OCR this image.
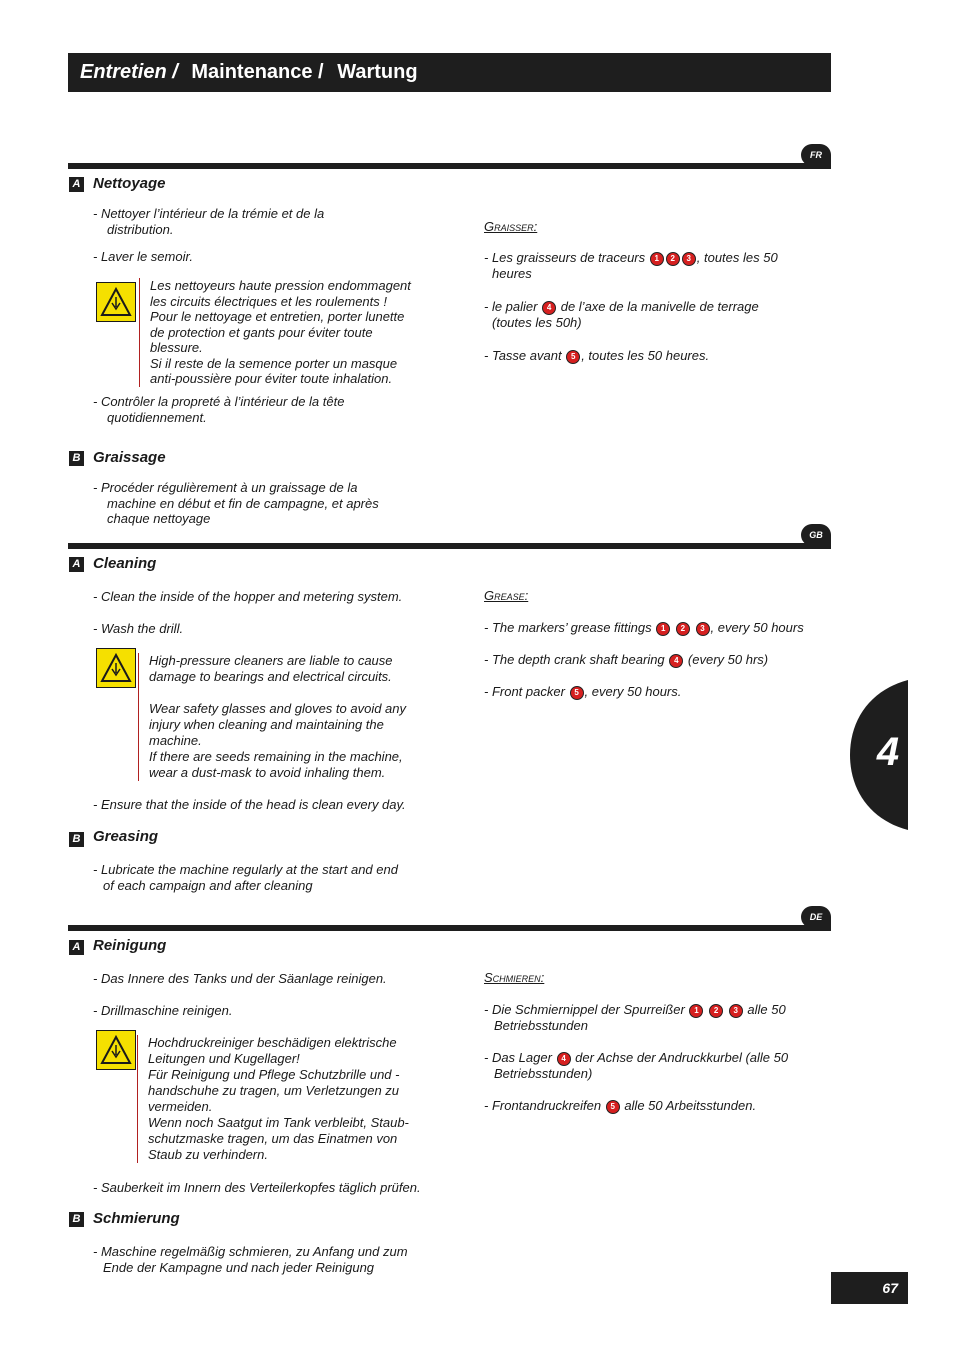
Entretien / Maintenance / Wartung
FR
A Nettoyage
- Nettoyer l’intérieur de la trémie et de la
distribution.
- Laver le semoir.
Les nettoyeurs haute pression endommagent
les circuits électriques et les roulements !
Pour le nettoyage et entretien, porter lunette
de protection et gants pour éviter toute
blessure.
Si il reste de la semence porter un masque
anti-poussière pour éviter toute inhalation.
- Contrôler la propreté à l’intérieur de la tête
quotidiennement.
B Graissage
- Procéder régulièrement à un graissage de la
machine en début et fin de campagne, et après
chaque nettoyage
Graisser:
- Les graisseurs de traceurs 1 2 3 , toutes les 50
heures
- le palier 4 de l’axe de la manivelle de terrage
(toutes les 50h)
- Tasse avant 5 , toutes les 50 heures.
GB
A Cleaning
- Clean the inside of the hopper and metering system.
- Wash the drill.
High-pressure cleaners are liable to cause
damage to bearings and electrical circuits.
Wear safety glasses and gloves to avoid any
injury when cleaning and maintaining the
machine.
If there are seeds remaining in the machine,
wear a dust-mask to avoid inhaling them.
- Ensure that the inside of the head is clean every day.
B Greasing
- Lubricate the machine regularly at the start and end
of each campaign and after cleaning
Grease:
- The markers’ grease fittings 1 2 3 , every 50 hours
- The depth crank shaft bearing 4 (every 50 hrs)
- Front packer 5 , every 50 hours.
4
DE
A Reinigung
- Das Innere des Tanks und der Säanlage reinigen.
- Drillmaschine reinigen.
Hochdruckreiniger beschädigen elektrische
Leitungen und Kugellager!
Für Reinigung und Pflege Schutzbrille und -
handschuhe zu tragen, um Verletzungen zu
vermeiden.
Wenn noch Saatgut im Tank verbleibt, Staub-
schutzmaske tragen, um das Einatmen von
Staub zu verhindern.
- Sauberkeit im Innern des Verteilerkopfes täglich prüfen.
B Schmierung
- Maschine regelmäßig schmieren, zu Anfang und zum
Ende der Kampagne und nach jeder Reinigung
Schmieren:
- Die Schmiernippel der Spurreißer 1 2 3 alle 50
Betriebsstunden
- Das Lager 4 der Achse der Andruckkurbel (alle 50
Betriebsstunden)
- Frontandruckreifen 5 alle 50 Arbeitsstunden.
67
